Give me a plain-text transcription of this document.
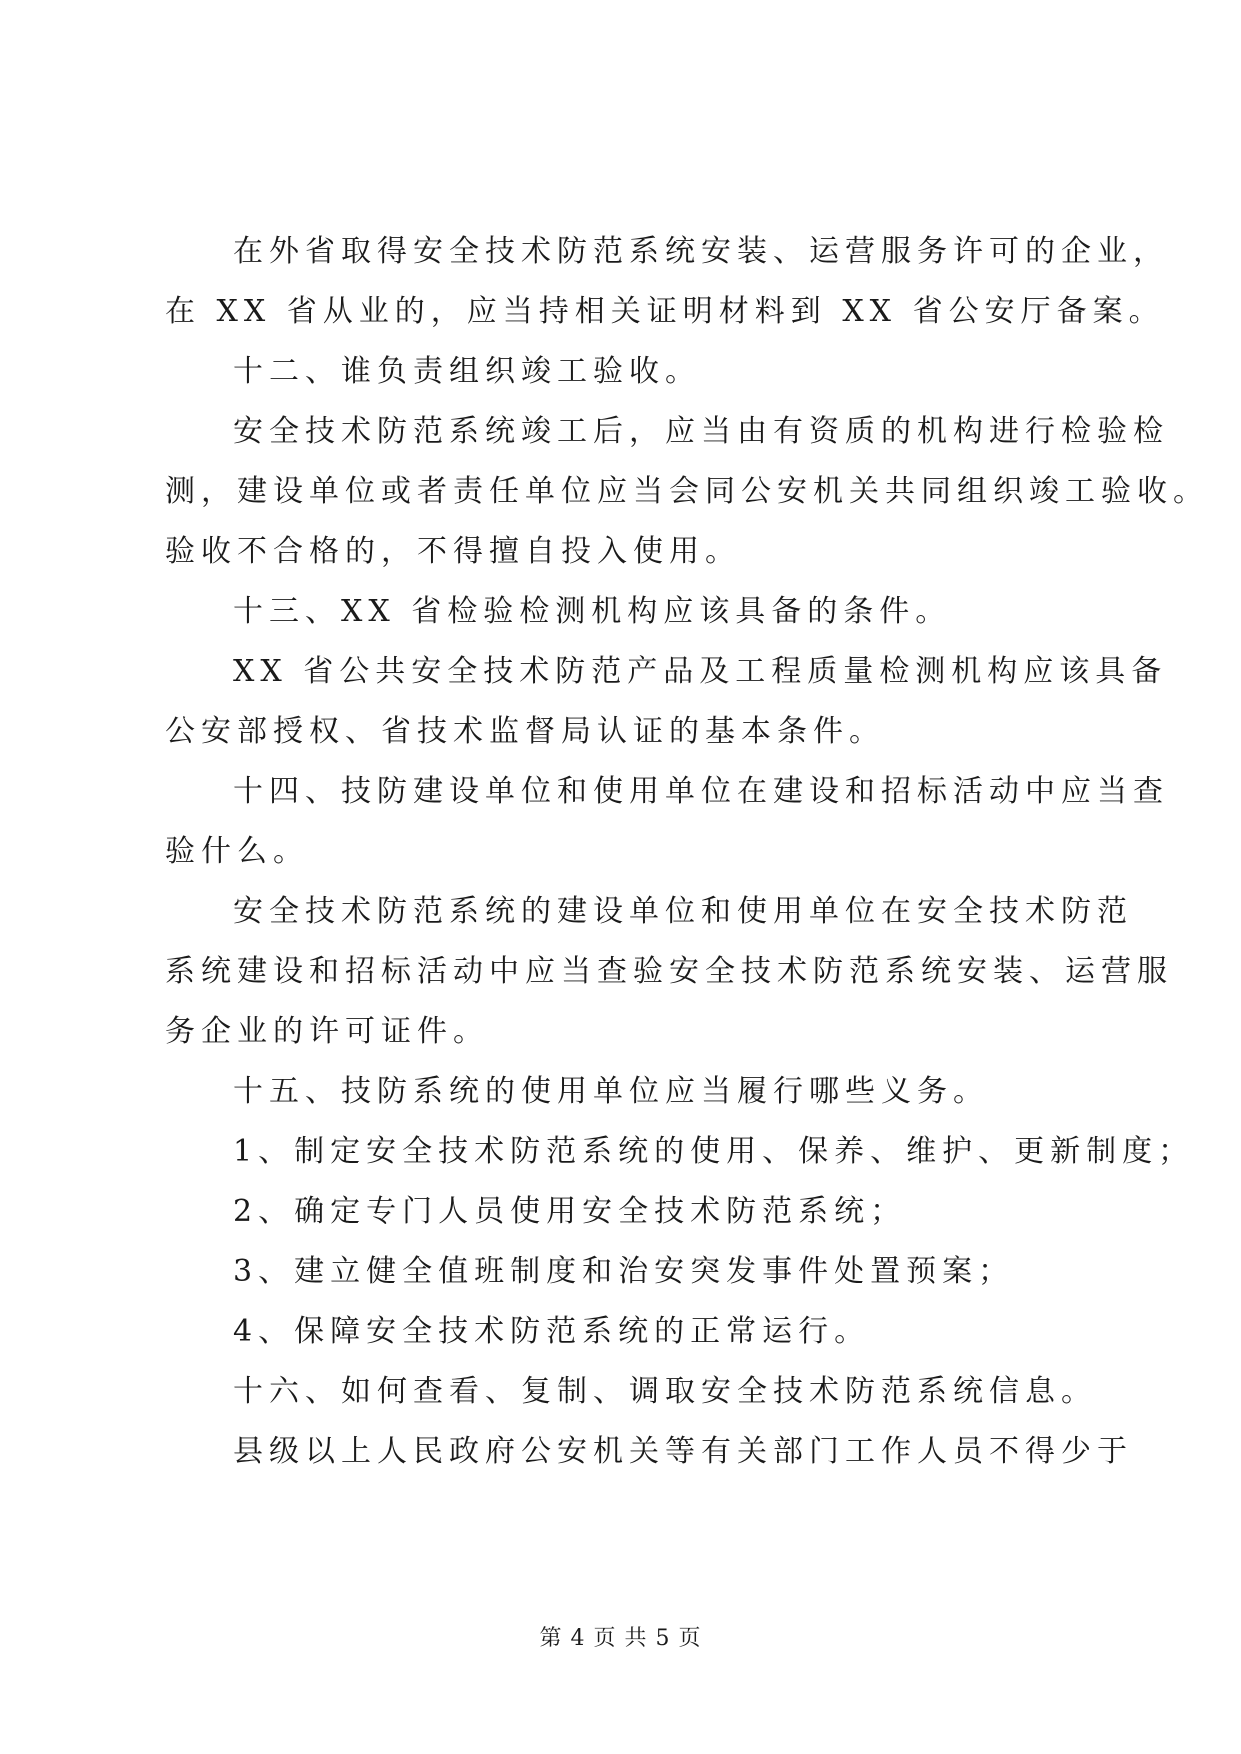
在外省取得安全技术防范系统安装、运营服务许可的企业，
在 XX 省从业的，应当持相关证明材料到 XX 省公安厅备案。
十二、谁负责组织竣工验收。
安全技术防范系统竣工后，应当由有资质的机构进行检验检
测，建设单位或者责任单位应当会同公安机关共同组织竣工验收。
验收不合格的，不得擅自投入使用。
十三、XX 省检验检测机构应该具备的条件。
XX 省公共安全技术防范产品及工程质量检测机构应该具备
公安部授权、省技术监督局认证的基本条件。
十四、技防建设单位和使用单位在建设和招标活动中应当查
验什么。
安全技术防范系统的建设单位和使用单位在安全技术防范
系统建设和招标活动中应当查验安全技术防范系统安装、运营服
务企业的许可证件。
十五、技防系统的使用单位应当履行哪些义务。
1、制定安全技术防范系统的使用、保养、维护、更新制度；
2、确定专门人员使用安全技术防范系统；
3、建立健全值班制度和治安突发事件处置预案；
4、保障安全技术防范系统的正常运行。
十六、如何查看、复制、调取安全技术防范系统信息。
县级以上人民政府公安机关等有关部门工作人员不得少于
第 4 页 共 5 页
